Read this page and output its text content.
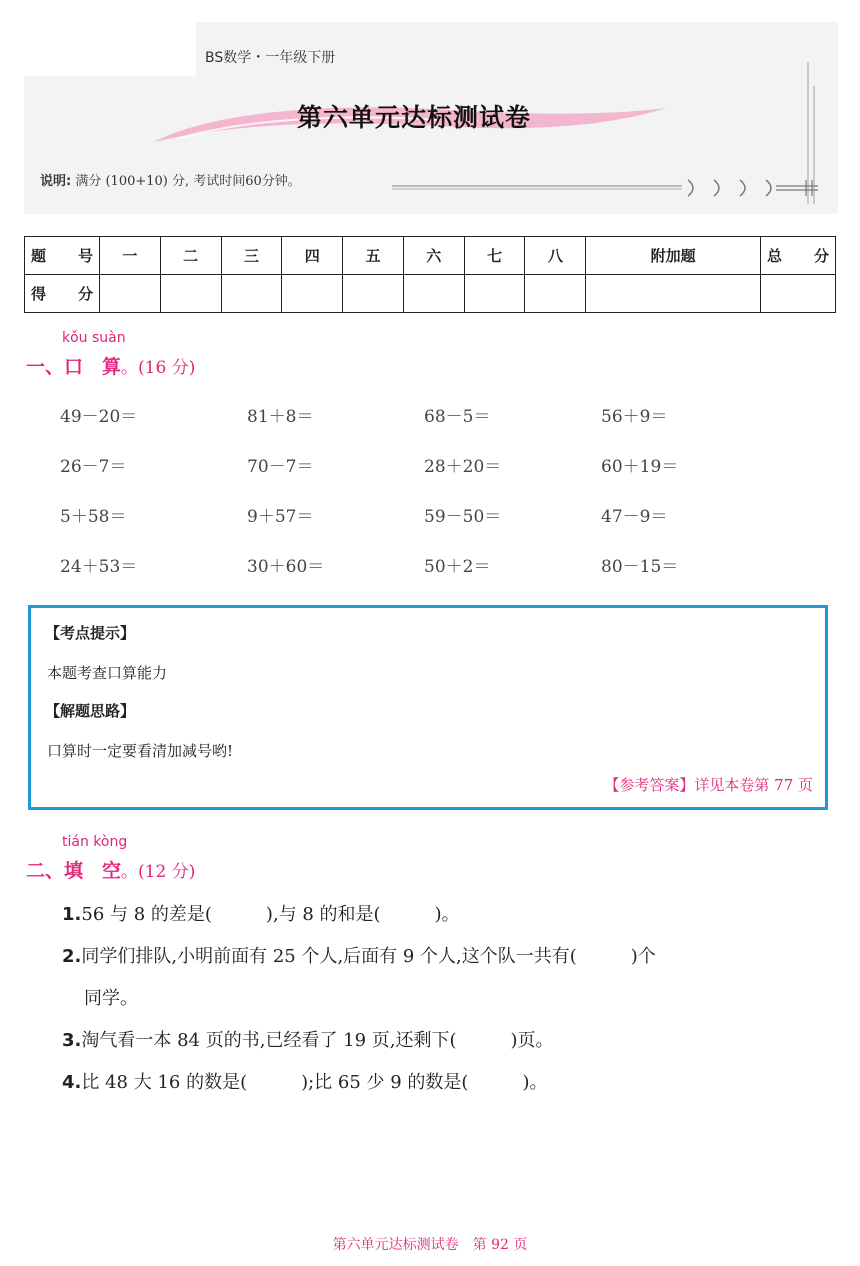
BS数学・一年级下册
第六单元达标测试卷
说明: 满分 (100+10) 分, 考试时间60分钟。
题　号	一	二	三	四	五	六	七	八	附加题	总　分
得　分										
kǒu suàn
一、口　算。(16 分)
49－20＝	81＋8＝	68－5＝	56＋9＝
26－7＝	70－7＝	28＋20＝	60＋19＝
5＋58＝	9＋57＝	59－50＝	47－9＝
24＋53＝	30＋60＝	50＋2＝	80－15＝
【考点提示】
本题考查口算能力
【解题思路】
口算时一定要看清加减号哟!
【参考答案】详见本卷第 77 页
tián kòng
二、填　空。(12 分)
1.56 与 8 的差是(　　　),与 8 的和是(　　　)。
2.同学们排队,小明前面有 25 个人,后面有 9 个人,这个队一共有(　　　)个
同学。
3.淘气看一本 84 页的书,已经看了 19 页,还剩下(　　　)页。
4.比 48 大 16 的数是(　　　);比 65 少 9 的数是(　　　)。
第六单元达标测试卷　第 92 页
